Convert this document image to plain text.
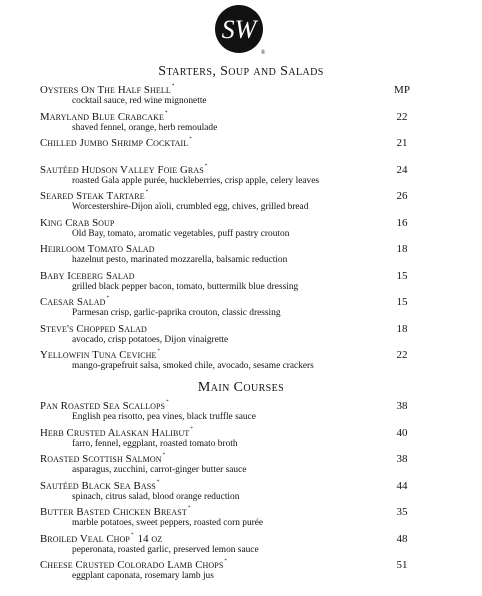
SW
®
Starters, Soup and Salads
Oysters On The Half Shell*
cocktail sauce, red wine mignonette
MP
Maryland Blue Crabcake*
shaved fennel, orange, herb remoulade
22
Chilled Jumbo Shrimp Cocktail*	21
Sautéed Hudson Valley Foie Gras*
roasted Gala apple purée, huckleberries, crisp apple, celery leaves
24
Seared Steak Tartare*
Worcestershire-Dijon aïoli, crumbled egg, chives, grilled bread
26
King Crab Soup
Old Bay, tomato, aromatic vegetables, puff pastry crouton
16
Heirloom Tomato Salad
hazelnut pesto, marinated mozzarella, balsamic reduction
18
Baby Iceberg Salad
grilled black pepper bacon, tomato, buttermilk blue dressing
15
Caesar Salad*
Parmesan crisp, garlic-paprika crouton, classic dressing
15
Steve's Chopped Salad
avocado, crisp potatoes, Dijon vinaigrette
18
Yellowfin Tuna Ceviche*
mango-grapefruit salsa, smoked chile, avocado, sesame crackers
22
Main Courses
Pan Roasted Sea Scallops*
English pea risotto, pea vines, black truffle sauce
38
Herb Crusted Alaskan Halibut*
farro, fennel, eggplant, roasted tomato broth
40
Roasted Scottish Salmon*
asparagus, zucchini, carrot-ginger butter sauce
38
Sautéed Black Sea Bass*
spinach, citrus salad, blood orange reduction
44
Butter Basted Chicken Breast*
marble potatoes, sweet peppers, roasted corn purée
35
Broiled Veal Chop* 14 oz
peperonata, roasted garlic, preserved lemon sauce
48
Cheese Crusted Colorado Lamb Chops*
eggplant caponata, rosemary lamb jus
51
